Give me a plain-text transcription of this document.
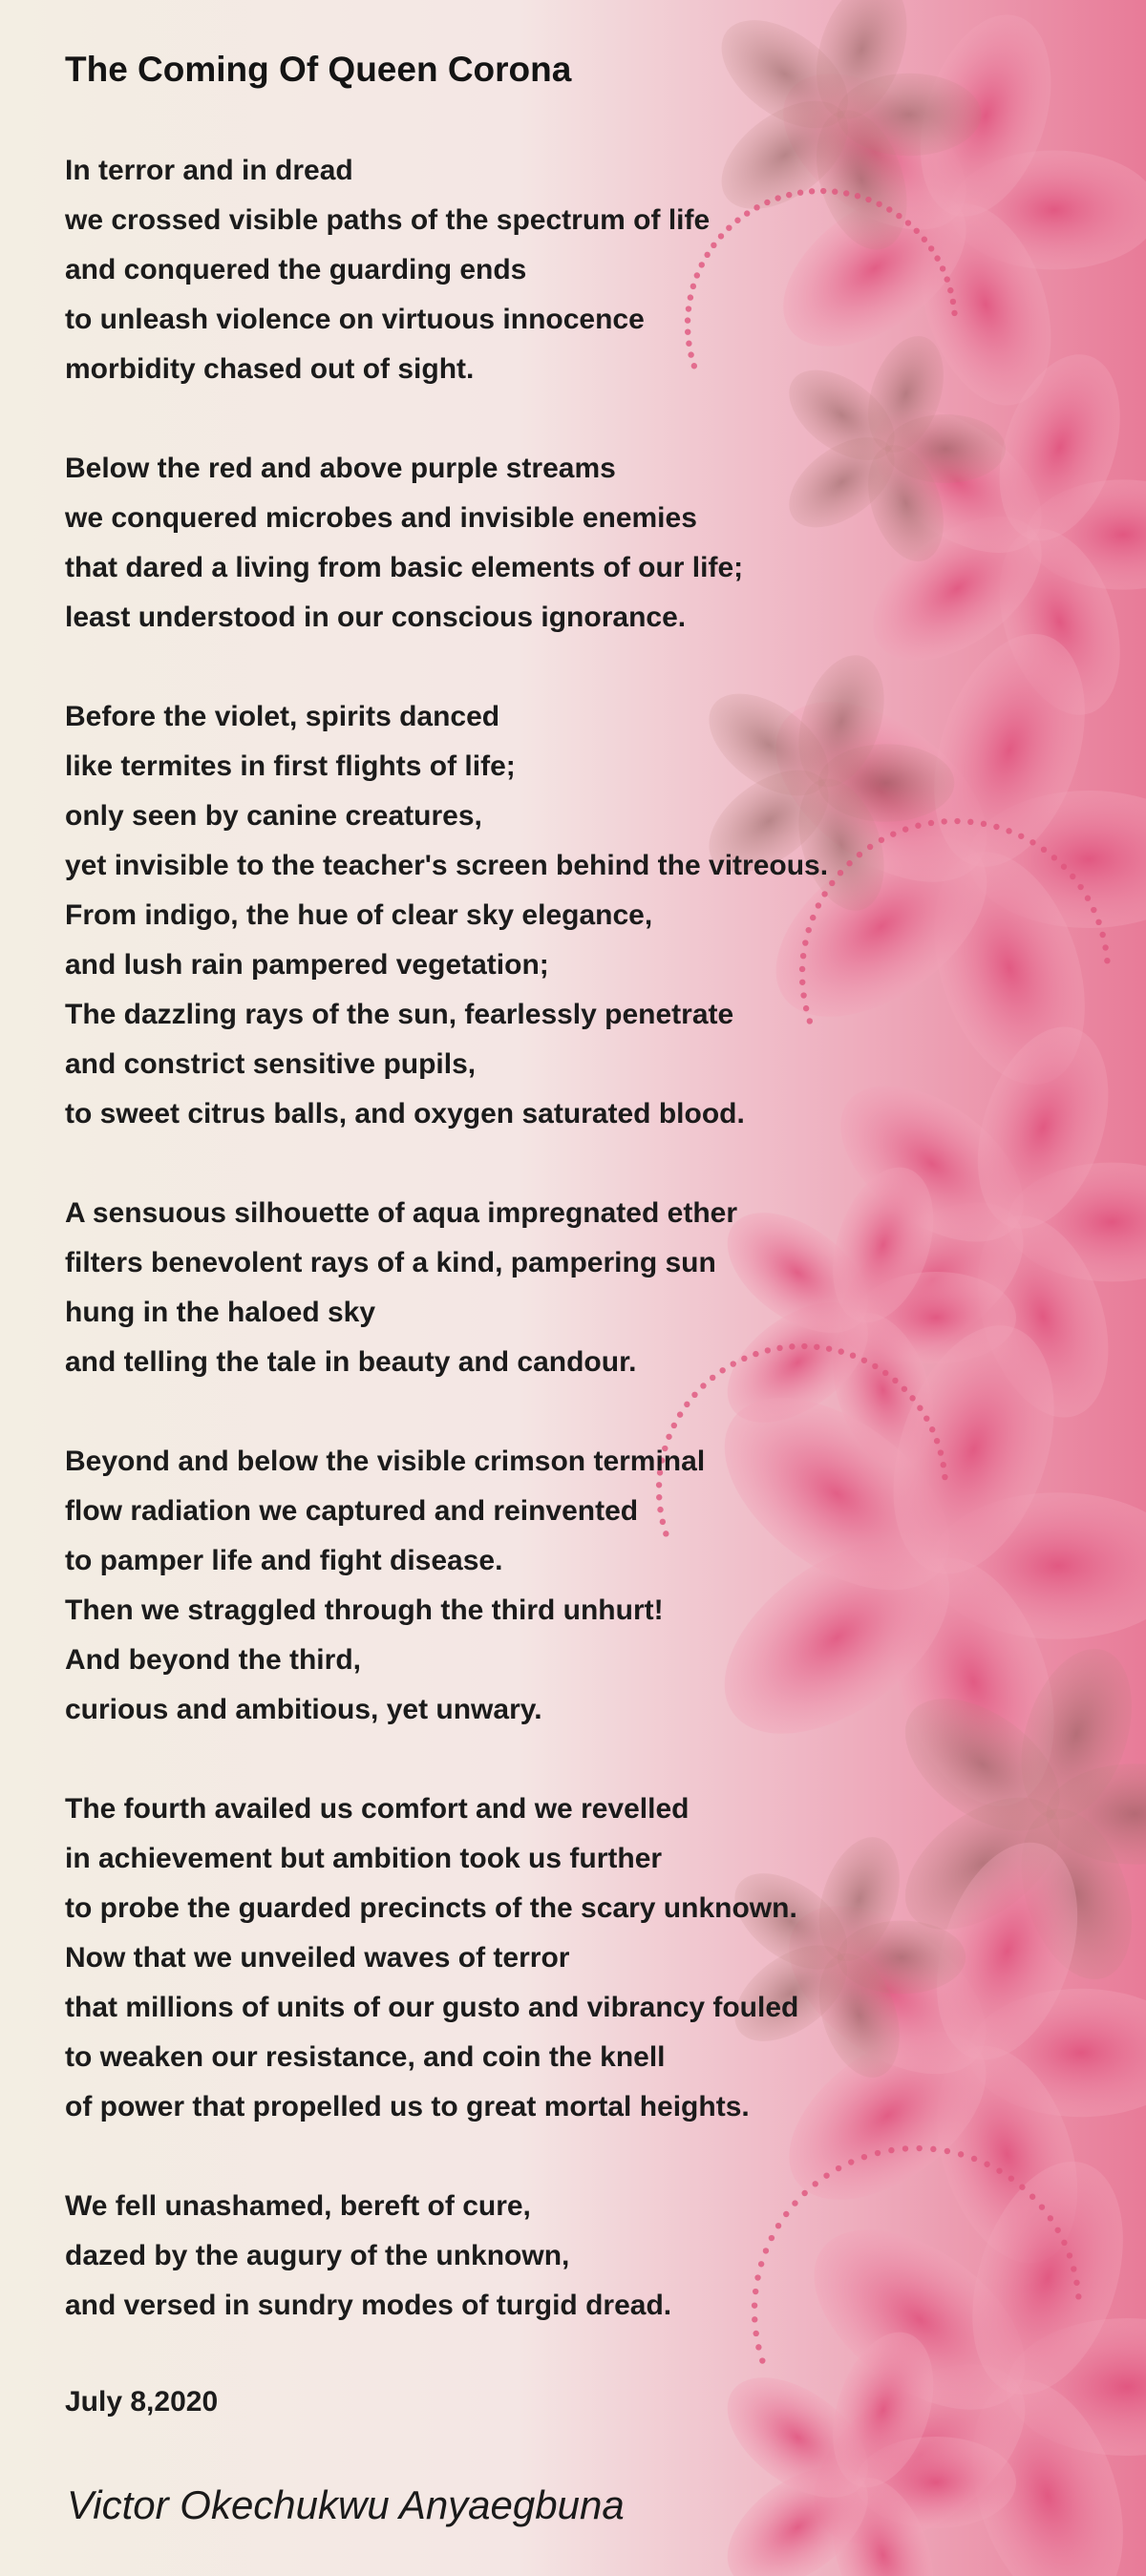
The Coming Of Queen Corona
In terror and in dread
we crossed visible paths of the spectrum of life
and conquered the guarding ends
to unleash violence on virtuous innocence
morbidity chased out of sight.
Below the red and above purple streams
we conquered microbes and invisible enemies
that dared a living from basic elements of our life;
least understood in our conscious ignorance.
Before the violet, spirits danced
like termites in first flights of life;
only seen by canine creatures,
yet invisible to the teacher's screen behind the vitreous.
From indigo, the hue of clear sky elegance,
and lush rain pampered vegetation;
The dazzling rays of the sun, fearlessly penetrate
and constrict sensitive pupils,
to sweet citrus balls, and oxygen saturated blood.
A sensuous silhouette of aqua impregnated ether
filters benevolent rays of a kind, pampering sun
hung in the haloed sky
and telling the tale in beauty and candour.
Beyond and below the visible crimson terminal
flow radiation we captured and reinvented
to pamper life and fight disease.
Then we straggled through the third unhurt!
And beyond the third,
curious and ambitious, yet unwary.
The fourth availed us comfort and we revelled
in achievement but ambition took us further
to probe the guarded precincts of the scary unknown.
Now that we unveiled waves of terror
that millions of units of our gusto and vibrancy fouled
to weaken our resistance, and coin the knell
of power that propelled us to great mortal heights.
We fell unashamed, bereft of cure,
dazed by the augury of the unknown,
and versed in sundry modes of turgid dread.
July 8,2020
Victor Okechukwu Anyaegbuna
